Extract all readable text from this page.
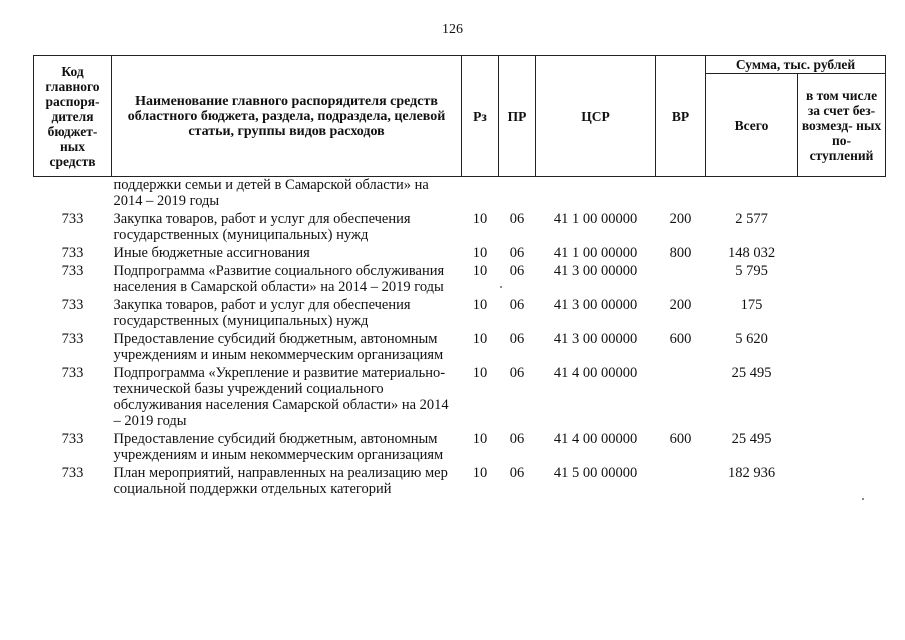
126
Код главного распоря- дителя бюджет- ных средств	Наименование главного распорядителя средств областного бюджета, раздела, подраздела, целевой статьи, группы видов расходов	Рз	ПР	ЦСР	ВР	Сумма, тыс. рублей	
						Всего	в том числе за счет без- возмезд- ных по- ступлений
	поддержки семьи и детей в Самарской области» на 2014 – 2019 годы						
733	Закупка товаров, работ и услуг для обеспечения государственных (муниципальных) нужд	10	06	41 1 00 00000	200	2 577	
733	Иные бюджетные ассигнования	10	06	41 1 00 00000	800	148 032	
733	Подпрограмма «Развитие социального обслуживания населения в Самарской области» на 2014 – 2019 годы	10	06	41 3 00 00000		5 795	
733	Закупка товаров, работ и услуг для обеспечения государственных (муниципальных) нужд	10	06	41 3 00 00000	200	175	
733	Предоставление субсидий бюджетным, автономным учреждениям и иным некоммерческим организациям	10	06	41 3 00 00000	600	5 620	
733	Подпрограмма «Укрепление и развитие материально-технической базы учреждений социального обслуживания населения Самарской области» на 2014 – 2019 годы	10	06	41 4 00 00000		25 495	
733	Предоставление субсидий бюджетным, автономным учреждениям и иным некоммерческим организациям	10	06	41 4 00 00000	600	25 495	
733	План мероприятий, направленных на реализацию мер социальной поддержки отдельных категорий	10	06	41 5 00 00000		182 936	
